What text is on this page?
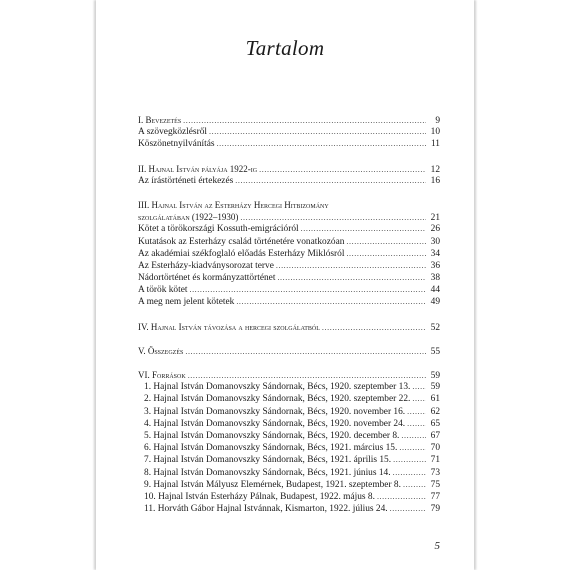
Tartalom
I. Bevezetés .....	9
A szövegközlésről .....	10
Köszönetnyilvánítás .....	11
II. Hajnal István pályája 1922-ig .....	12
Az írástörténeti értekezés .....	16
III. Hajnal István az Esterházy Hercegi Hitbizomány
szolgálatában (1922–1930) .....	21
Kötet a törökországi Kossuth-emigrációról .....	26
Kutatások az Esterházy család történetére vonatkozóan .....	30
Az akadémiai székfoglaló előadás Esterházy Miklósról .....	34
Az Esterházy-kiadványsorozat terve .....	36
Nádortörténet és kormányzattörténet .....	38
A török kötet .....	44
A meg nem jelent kötetek .....	49
IV. Hajnal István távozása a hercegi szolgálatból .....	52
V. Összegzés .....	55
VI. Források .....	59
1. Hajnal István Domanovszky Sándornak, Bécs, 1920. szeptember 13. ..... 59
2. Hajnal István Domanovszky Sándornak, Bécs, 1920. szeptember 22. ..... 61
3. Hajnal István Domanovszky Sándornak, Bécs, 1920. november 16. .....	62
4. Hajnal István Domanovszky Sándornak, Bécs, 1920. november 24. .....	65
5. Hajnal István Domanovszky Sándornak, Bécs, 1920. december 8. .....	67
6. Hajnal István Domanovszky Sándornak, Bécs, 1921. március 15. .....	70
7. Hajnal István Domanovszky Sándornak, Bécs, 1921. április 15. .....	71
8. Hajnal István Domanovszky Sándornak, Bécs, 1921. június 14. .....	73
9. Hajnal István Mályusz Elemérnek, Budapest, 1921. szeptember 8. .....	75
10. Hajnal István Esterházy Pálnak, Budapest, 1922. május 8. .....	77
11. Horváth Gábor Hajnal Istvánnak, Kismarton, 1922. július 24. .....	79
5
